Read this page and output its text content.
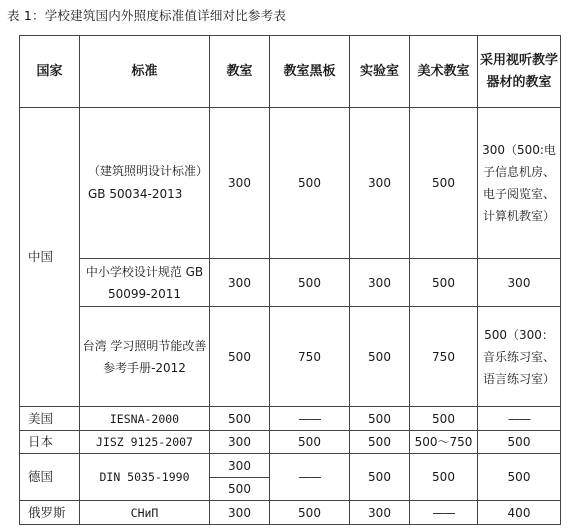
表 1：学校建筑国内外照度标准值详细对比参考表
国家	标准	教室	教室黑板	实验室	美术教室	采用视听教学器材的教室
中国	（建筑照明设计标准）GB 50034-2013	300	500	300	500	300（500:电子信息机房、电子阅览室、计算机教室）
	中小学校设计规范 GB 50099-2011	300	500	300	500	300
	台湾 学习照明节能改善参考手册-2012	500	750	500	750	500（300：音乐练习室、语言练习室）
美国	IESNA-2000	500	——	500	500	——
日本	JISZ 9125-2007	300	500	500	500～750	500
德国	DIN 5035-1990	300	——	500	500	500
		500				
俄罗斯	CHиП	300	500	300	——	400
